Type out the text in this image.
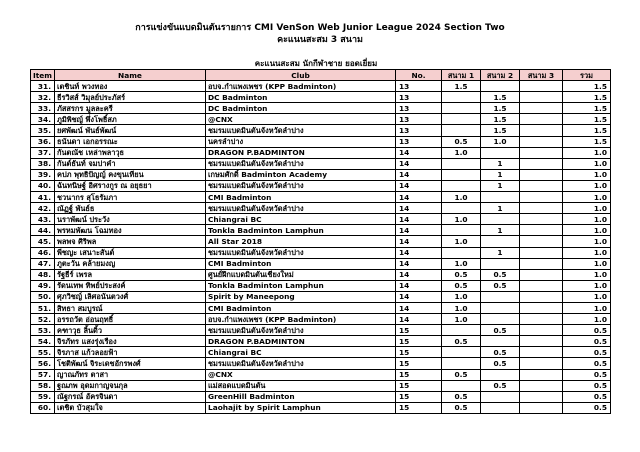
การแข่งขันแบดมินตันรายการ CMI VenSon Web Junior League 2024 Section Two
คะแนนสะสม 3 สนาม
คะแนนสะสม นักกีฬาชาย ยอดเยี่ยม
Item	Name	Club	No.	สนาม 1	สนาม 2	สนาม 3	รวม
31.	เตชินท์ พวงทอง	อบจ.กำแพงเพชร (KPP Badminton)	13	1.5			1.5
32.	ธีรวิสส์ วิมุลย์ประภัสร์	DC Badminton	13		1.5		1.5
33.	ภัสสรกร มูลละครี	DC Badminton	13		1.5		1.5
34.	ภูมิพิชญ์ พึ่งโพธิ์สภ	@CNX	13		1.5		1.5
35.	ยศพัฒน์ พันธ์พัฒน์	ชมรมแบดมินตันจังหวัดลำปาง	13		1.5		1.5
36.	ธนันดา เอกอรรณะ	นครลำปาง	13	0.5	1.0		1.5
37.	กันตณัช เหล่าพลาวุธ	DRAGON P.BADMINTON	14	1.0			1.0
38.	กันต์ธันท์ จมปาคำ	ชมรมแบดมินตันจังหวัดลำปาง	14		1		1.0
39.	คปภ พุทธิปัญญ์ คงขุนเทียน	เกษมศักดิ์ Badminton Academy	14		1		1.0
40.	ฉันทนิษฐ์ อิศรางกูร ณ อยุธยา	ชมรมแบดมินตันจังหวัดลำปาง	14		1		1.0
41.	ชวนากร สุโธรัมภา	CMI Badminton	14	1.0			1.0
42.	ณัฏฐ์ พันธ์ธ	ชมรมแบดมินตันจังหวัดลำปาง	14		1		1.0
43.	นราพัฒน์ ประวัง	Chiangrai BC	14	1.0			1.0
44.	พรหมพัฒน โฉมทอง	Tonkla Badminton Lamphun	14		1		1.0
45.	พลพจ ศิริพล	All Star 2018	14	1.0			1.0
46.	พีชญะ เสนาะสันต์	ชมรมแบดมินตันจังหวัดลำปาง	14		1		1.0
47.	ภูตะวัน คล้ายมงญ	CMI Badminton	14	1.0			1.0
48.	รัฐธีร์ เพรล	ศูนย์ฝึกแบดมินตันเชียงใหม่	14	0.5	0.5		1.0
49.	รัดนเทพ ทิพย์ประสงค์	Tonkla Badminton Lamphun	14	0.5	0.5		1.0
50.	ศุภวิชญ์ เลิศอนันตวงศ์	Spirit by Maneepong	14	1.0			1.0
51.	สิทธา สมบูรณ์	CMI Badminton	14	1.0			1.0
52.	อรรถวัต อ่อนฤทธิ์	อบจ.กำแพงเพชร (KPP Badminton)	14	1.0			1.0
53.	คฑาวุธ ลิ้นดิ้ว	ชมรมแบดมินตันจังหวัดลำปาง	15		0.5		0.5
54.	จิรภัทร แสงรุ่งเรือง	DRAGON P.BADMINTON	15	0.5			0.5
55.	จิรภาส แก้วลอยฟ้า	Chiangrai BC	15		0.5		0.5
56.	โชติพัฒน์ จิระเดชอักรพงศ์	ชมรมแบดมินตันจังหวัดลำปาง	15		0.5		0.5
57.	ญาณภัทร ตาสา	@CNX	15	0.5			0.5
58.	ฐณภพ อุดมกาญจนกุล	แม่สอดแบดมินตัน	15		0.5		0.5
59.	ณัฐกรณ์ อัครจินดา	GreenHill Badminton	15	0.5			0.5
60.	เตชิต บัวสุมใจ	Laohajit by Spirit Lamphun	15	0.5			0.5
